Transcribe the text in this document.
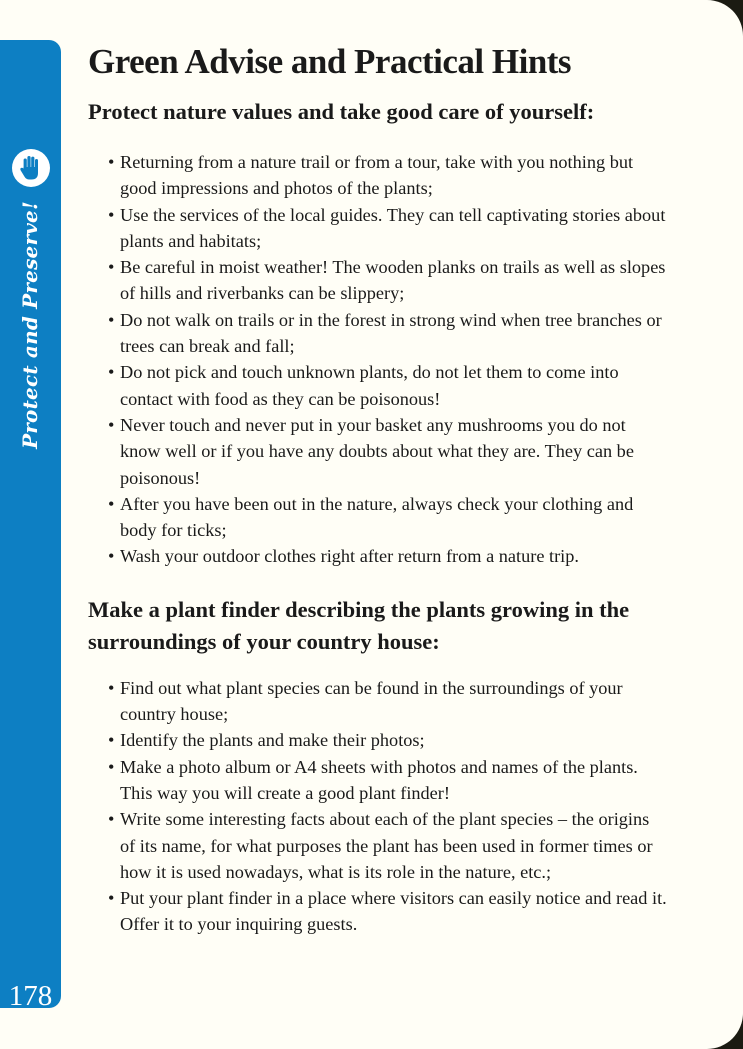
Protect and Preserve!
178
Green Advise and Practical Hints
Protect nature values and take good care of yourself:
• Returning from a nature trail or from a tour, take with you nothing but good impressions and photos of the plants;
• Use the services of the local guides. They can tell captivating stories about plants and habitats;
• Be careful in moist weather! The wooden planks on trails as well as slopes of hills and riverbanks can be slippery;
• Do not walk on trails or in the forest in strong wind when tree branches or trees can break and fall;
• Do not pick and touch unknown plants, do not let them to come into contact with food as they can be poisonous!
• Never touch and never put in your basket any mushrooms you do not know well or if you have any doubts about what they are. They can be poisonous!
• After you have been out in the nature, always check your clothing and body for ticks;
• Wash your outdoor clothes right after return from a nature trip.
Make a plant finder describing the plants growing in the surroundings of your country house:
• Find out what plant species can be found in the surroundings of your country house;
• Identify the plants and make their photos;
• Make a photo album or A4 sheets with photos and names of the plants. This way you will create a good plant finder!
• Write some interesting facts about each of the plant species – the origins of its name, for what purposes the plant has been used in former times or how it is used nowadays, what is its role in the nature, etc.;
• Put your plant finder in a place where visitors can easily notice and read it. Offer it to your inquiring guests.
